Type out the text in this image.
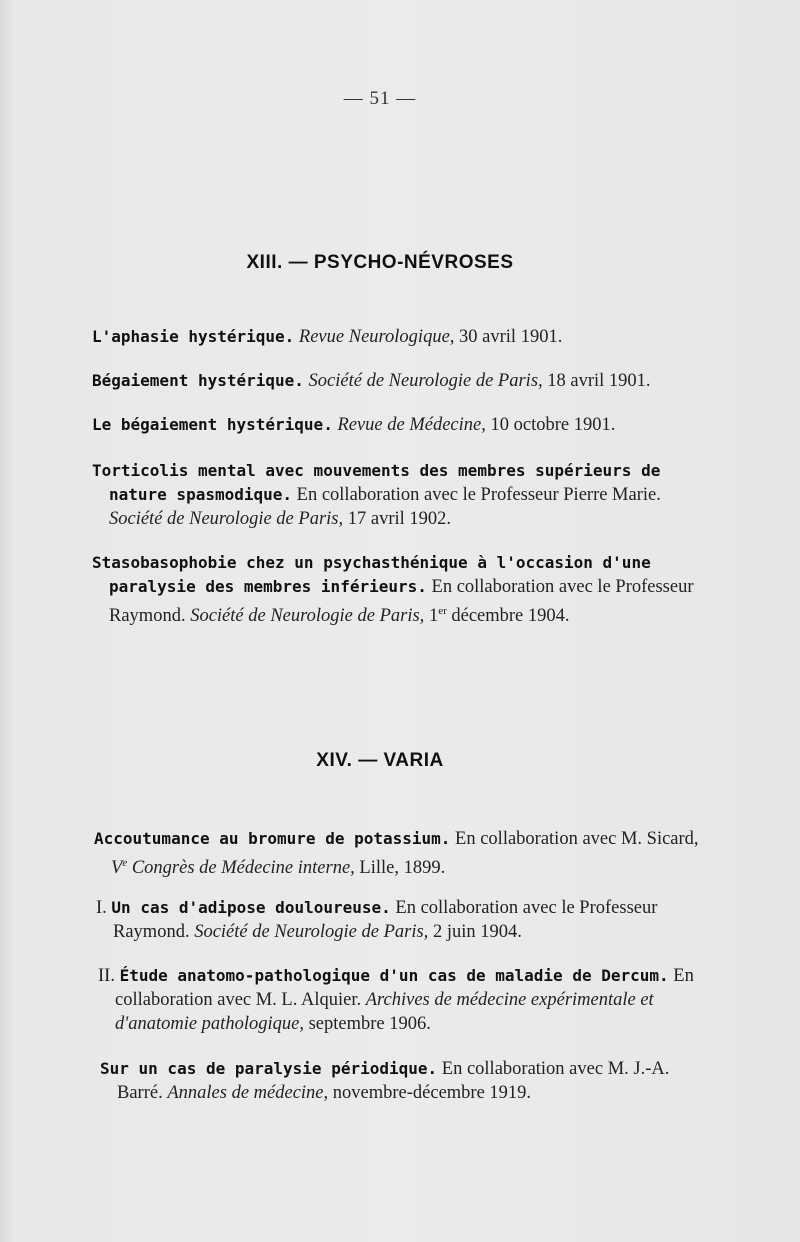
— 51 —
XIII. — PSYCHO-NÉVROSES
L'aphasie hystérique. Revue Neurologique, 30 avril 1901.
Bégaiement hystérique. Société de Neurologie de Paris, 18 avril 1901.
Le bégaiement hystérique. Revue de Médecine, 10 octobre 1901.
Torticolis mental avec mouvements des membres supérieurs de nature spasmodique. En collaboration avec le Professeur Pierre Marie. Société de Neurologie de Paris, 17 avril 1902.
Stasobasophobie chez un psychasthénique à l'occasion d'une paralysie des membres inférieurs. En collaboration avec le Professeur Raymond. Société de Neurologie de Paris, 1er décembre 1904.
XIV. — VARIA
Accoutumance au bromure de potassium. En collaboration avec M. Sicard, Ve Congrès de Médecine interne, Lille, 1899.
I. Un cas d'adipose douloureuse. En collaboration avec le Professeur Raymond. Société de Neurologie de Paris, 2 juin 1904.
II. Étude anatomo-pathologique d'un cas de maladie de Dercum. En collaboration avec M. L. Alquier. Archives de médecine expérimentale et d'anatomie pathologique, septembre 1906.
Sur un cas de paralysie périodique. En collaboration avec M. J.-A. Barré. Annales de médecine, novembre-décembre 1919.
